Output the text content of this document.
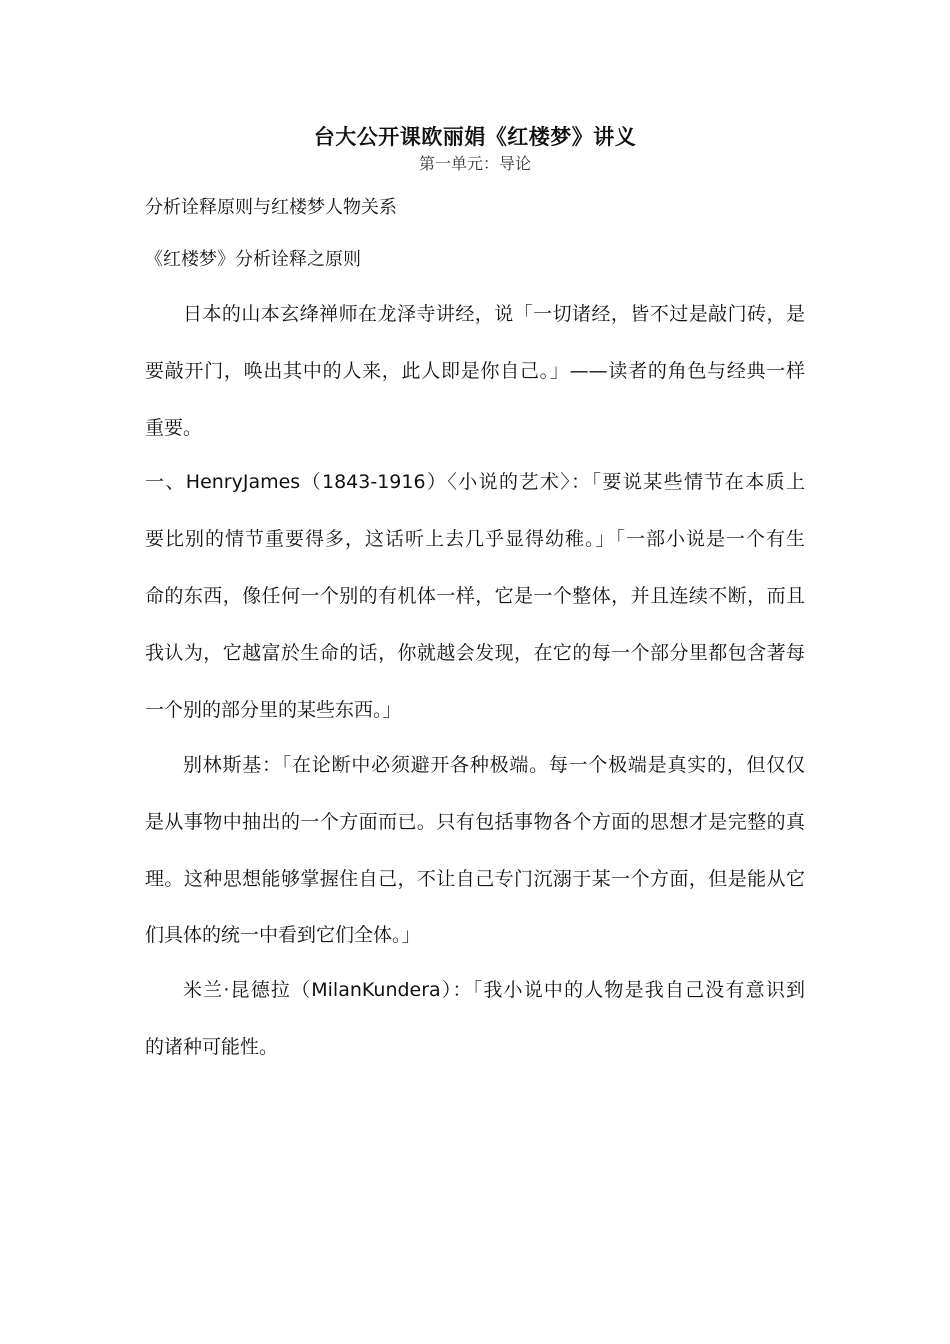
台大公开课欧丽娟《红楼梦》讲义
第一单元：导论
分析诠释原则与红楼梦人物关系
《红楼梦》分析诠释之原则
日本的山本玄绛禅师在龙泽寺讲经，说「一切诸经，皆不过是敲门砖，是
要敲开门，唤出其中的人来，此人即是你自己。」——读者的角色与经典一样
重要。
一、HenryJames（1843-1916）〈小说的艺术〉：「要说某些情节在本质上
要比别的情节重要得多，这话听上去几乎显得幼稚。」「一部小说是一个有生
命的东西，像任何一个别的有机体一样，它是一个整体，并且连续不断，而且
我认为，它越富於生命的话，你就越会发现，在它的每一个部分里都包含著每
一个别的部分里的某些东西。」
别林斯基：「在论断中必须避开各种极端。每一个极端是真实的，但仅仅
是从事物中抽出的一个方面而已。只有包括事物各个方面的思想才是完整的真
理。这种思想能够掌握住自己，不让自己专门沉溺于某一个方面，但是能从它
们具体的统一中看到它们全体。」
米兰·昆德拉（MilanKundera）：「我小说中的人物是我自己没有意识到
的诸种可能性。
